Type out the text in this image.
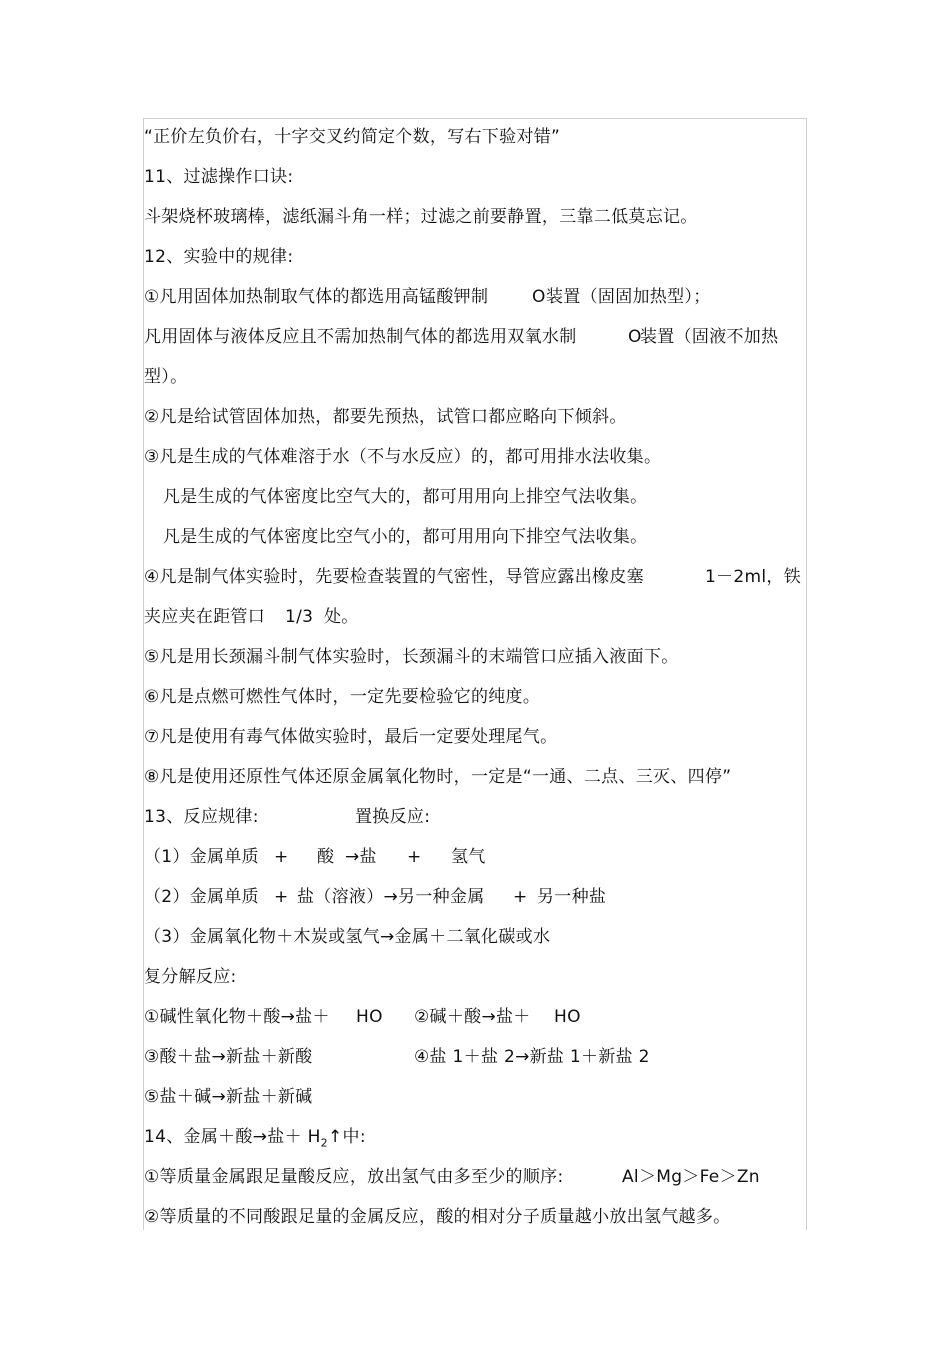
“正价左负价右，十字交叉约简定个数，写右下验对错”
11、过滤操作口诀:
斗架烧杯玻璃棒，滤纸漏斗角一样；过滤之前要静置，三靠二低莫忘记。
12、实验中的规律:
①凡用固体加热制取气体的都选用高锰酸钾制	O 装置（固固加热型）；
凡用固体与液体反应且不需加热制气体的都选用双氧水制	O
装置（固液不加热
型）。
②凡是给试管固体加热，都要先预热，试管口都应略向下倾斜。
③凡是生成的气体难溶于水（不与水反应）的，都可用排水法收集。
凡是生成的气体密度比空气大的，都可用用向上排空气法收集。
凡是生成的气体密度比空气小的，都可用用向下排空气法收集。
④凡是制气体实验时，先要检查装置的气密性，导管应露出橡皮塞	1－2ml，铁
夹应夹在距管口 1/3 处。
⑤凡是用长颈漏斗制气体实验时，长颈漏斗的末端管口应插入液面下。
⑥凡是点燃可燃性气体时，一定先要检验它的纯度。
⑦凡是使用有毒气体做实验时，最后一定要处理尾气。
⑧凡是使用还原性气体还原金属氧化物时，一定是“一通、二点、三灭、四停”
13、反应规律:	置换反应:
（1）金属单质 + 酸 →盐 + 氢气
（2）金属单质 + 盐（溶液）→另一种金属 + 另一种盐
（3）金属氧化物＋木炭或氢气→金属＋二氧化碳或水
复分解反应:
①碱性氧化物＋酸→盐＋ HO ②碱＋酸→盐＋ HO
③酸＋盐→新盐＋新酸	④盐 1＋盐 2→新盐 1＋新盐 2
⑤盐＋碱→新盐＋新碱
14、金属＋酸→盐＋ $H_2↑$中:
①等质量金属跟足量酸反应，放出氢气由多至少的顺序:	Al＞Mg＞Fe＞Zn
②等质量的不同酸跟足量的金属反应，酸的相对分子质量越小放出氢气越多。
